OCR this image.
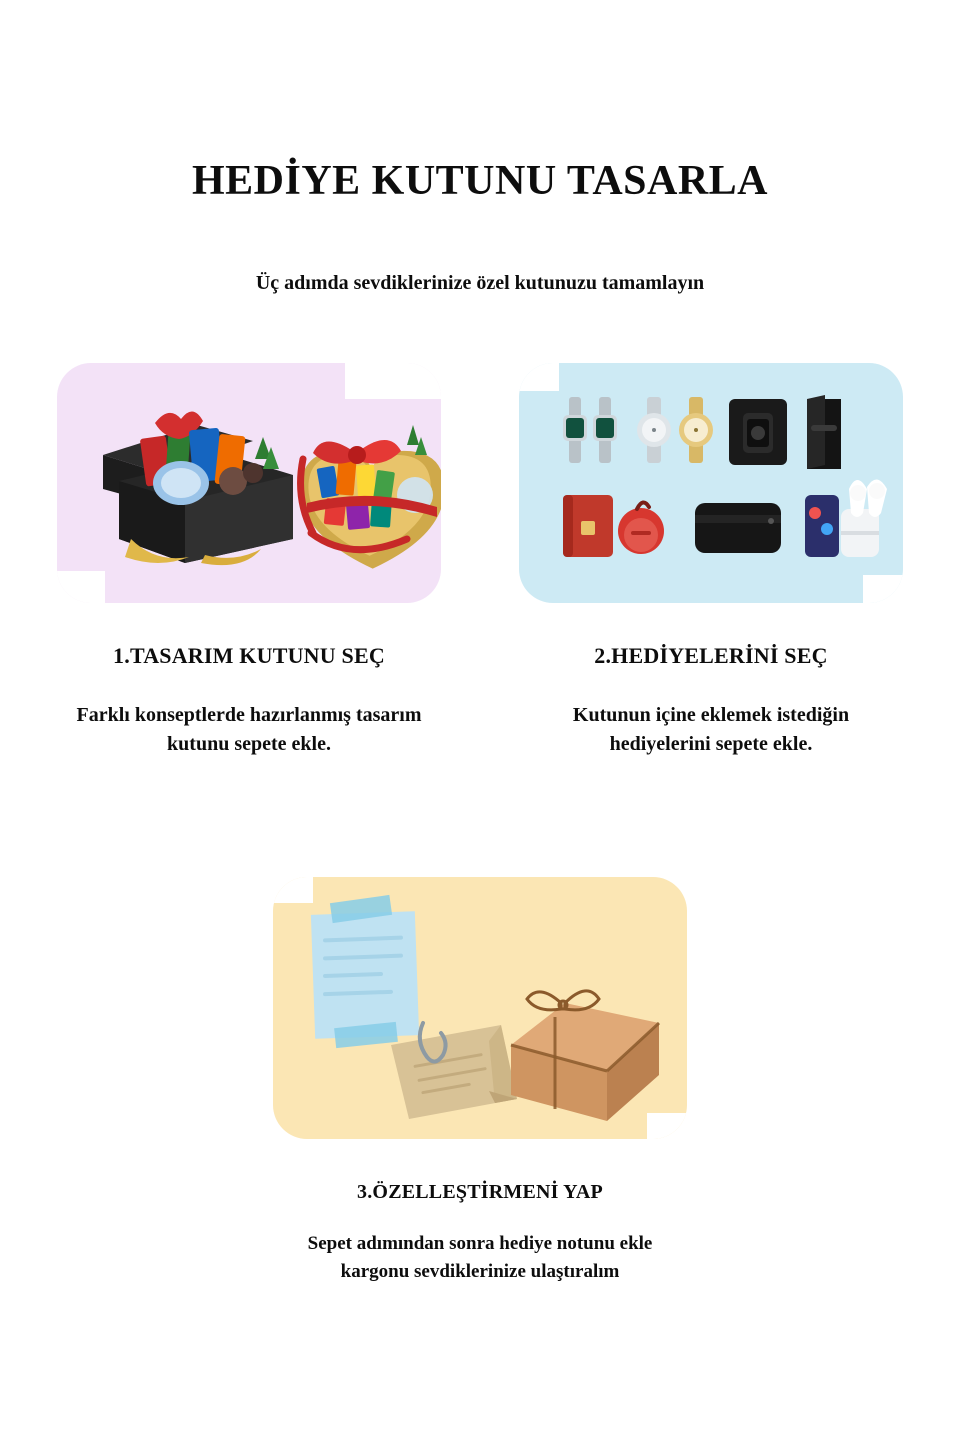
HEDİYE KUTUNU TASARLA

Üç adımda sevdiklerinize özel kutunuzu tamamlayın

1.TASARIM KUTUNU SEÇ
Farklı konseptlerde hazırlanmış tasarım kutunu sepete ekle.
2.HEDİYELERİNİ SEÇ
Kutunun içine eklemek istediğin hediyelerini sepete ekle.
3.ÖZELLEŞTİRMENİ YAP
Sepet adımından sonra hediye notunu ekle kargonu sevdiklerinize ulaştıralım
